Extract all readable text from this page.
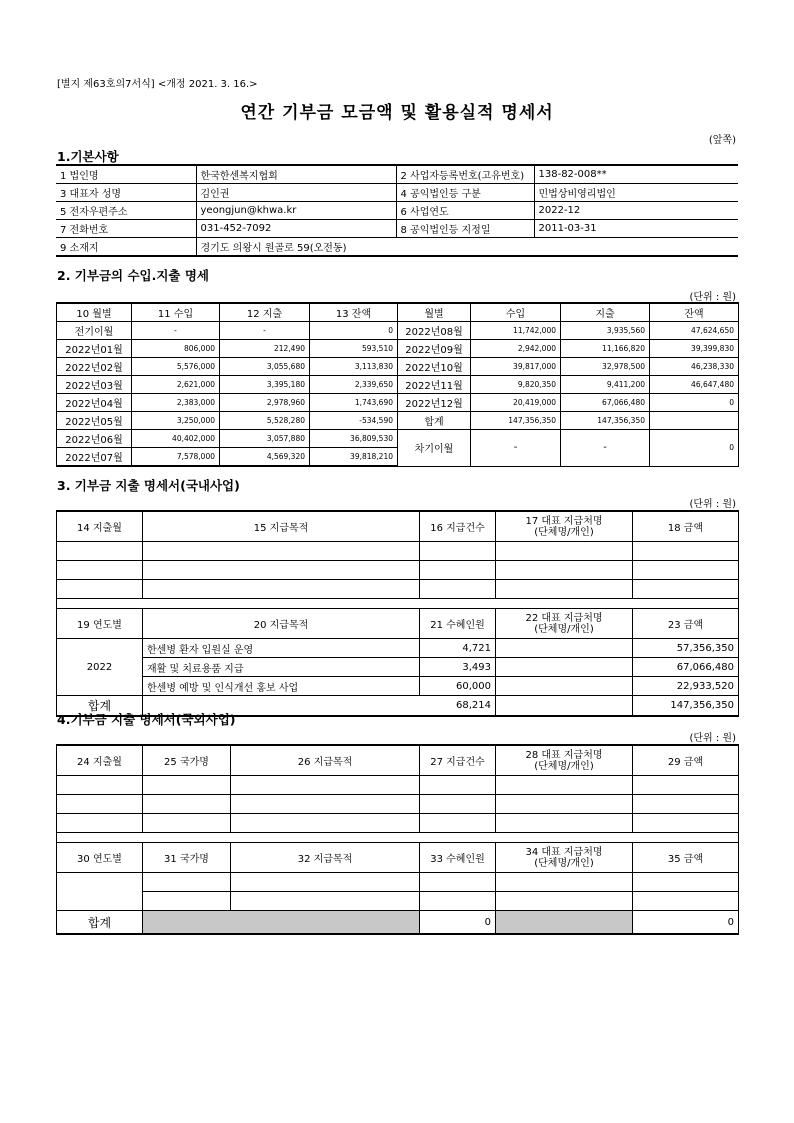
[별지 제63호의7서식] <개정 2021. 3. 16.>
연간 기부금 모금액 및 활용실적 명세서
(앞쪽)
1.기본사항
1 법인명	한국한센복지협회	2 사업자등록번호(고유번호)	138-82-008**
3 대표자 성명	김인권	4 공익법인등 구분	민법상비영리법인
5 전자우편주소	yeongjun@khwa.kr	6 사업연도	2022-12
7 전화번호	031-452-7092	8 공익법인등 지정일	2011-03-31
9 소재지	경기도 의왕시 원골로 59(오전동)		
2. 기부금의 수입.지출 명세
(단위 : 원)
10 월별	11 수입	12 지출	13 잔액	월별	수입	지출	잔액
전기이월	-	-	0	2022년08월	11,742,000	3,935,560	47,624,650
2022년01월	806,000	212,490	593,510	2022년09월	2,942,000	11,166,820	39,399,830
2022년02월	5,576,000	3,055,680	3,113,830	2022년10월	39,817,000	32,978,500	46,238,330
2022년03월	2,621,000	3,395,180	2,339,650	2022년11월	9,820,350	9,411,200	46,647,480
2022년04월	2,383,000	2,978,960	1,743,690	2022년12월	20,419,000	67,066,480	0
2022년05월	3,250,000	5,528,280	-534,590	합계	147,356,350	147,356,350	
2022년06월	40,402,000	3,057,880	36,809,530	차기이월	-	-	0
2022년07월	7,578,000	4,569,320	39,818,210				
3. 기부금 지출 명세서(국내사업)
(단위 : 원)
14 지출월	15 지급목적	16 지급건수	17 대표 지급처명
(단체명/개인)	18 금액

19 연도별	20 지급목적	21 수혜인원	22 대표 지급처명
(단체명/개인)	23 금액
2022	한센병 환자 입원실 운영	4,721		57,356,350
	재활 및 치료용품 지급	3,493		67,066,480
	한센병 예방 및 인식개선 홍보 사업	60,000		22,933,520
합계	68,214			147,356,350
4.기부금 지출 명세서(국외사업)
(단위 : 원)
24 지출월	25 국가명	26 지급목적	27 지급건수	28 대표 지급처명
(단체명/개인)	29 금액

30 연도별	31 국가명	32 지급목적	33 수혜인원	34 대표 지급처명
(단체명/개인)	35 금액

합계			0		0
